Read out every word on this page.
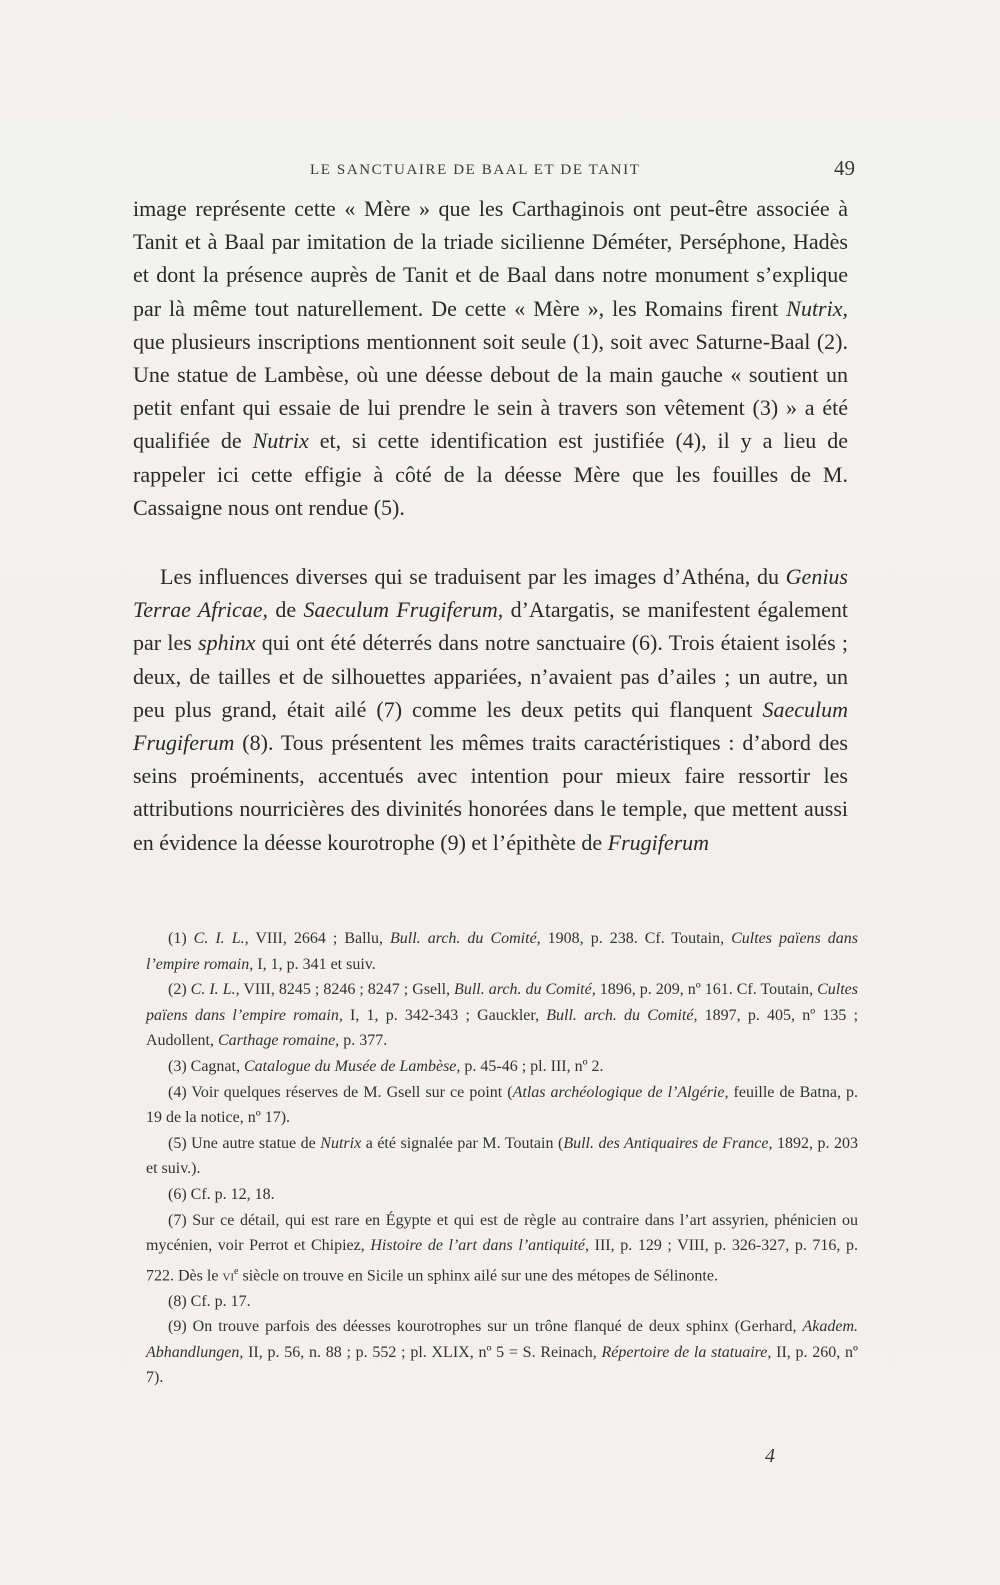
LE SANCTUAIRE DE BAAL ET DE TANIT	49

image représente cette « Mère » que les Carthaginois ont peut-être associée à Tanit et à Baal par imitation de la triade sicilienne Déméter, Perséphone, Hadès et dont la présence auprès de Tanit et de Baal dans notre monument s’explique par là même tout naturellement. De cette « Mère », les Romains firent Nutrix, que plusieurs inscriptions mentionnent soit seule (1), soit avec Saturne-Baal (2). Une statue de Lambèse, où une déesse debout de la main gauche « soutient un petit enfant qui essaie de lui prendre le sein à travers son vêtement (3) » a été qualifiée de Nutrix et, si cette identification est justifiée (4), il y a lieu de rappeler ici cette effigie à côté de la déesse Mère que les fouilles de M. Cassaigne nous ont rendue (5).

Les influences diverses qui se traduisent par les images d’Athéna, du Genius Terrae Africae, de Saeculum Frugiferum, d’Atargatis, se manifestent également par les sphinx qui ont été déterrés dans notre sanctuaire (6). Trois étaient isolés ; deux, de tailles et de silhouettes appariées, n’avaient pas d’ailes ; un autre, un peu plus grand, était ailé (7) comme les deux petits qui flanquent Saeculum Frugiferum (8). Tous présentent les mêmes traits caractéristiques : d’abord des seins proéminents, accentués avec intention pour mieux faire ressortir les attributions nourricières des divinités honorées dans le temple, que mettent aussi en évidence la déesse kourotrophe (9) et l’épithète de Frugiferum

(1) C. I. L., VIII, 2664 ; Ballu, Bull. arch. du Comité, 1908, p. 238. Cf. Toutain, Cultes païens dans l’empire romain, I, 1, p. 341 et suiv.

(2) C. I. L., VIII, 8245 ; 8246 ; 8247 ; Gsell, Bull. arch. du Comité, 1896, p. 209, nº 161. Cf. Toutain, Cultes païens dans l’empire romain, I, 1, p. 342-343 ; Gauckler, Bull. arch. du Comité, 1897, p. 405, nº 135 ; Audollent, Carthage romaine, p. 377.

(3) Cagnat, Catalogue du Musée de Lambèse, p. 45-46 ; pl. III, nº 2.

(4) Voir quelques réserves de M. Gsell sur ce point (Atlas archéologique de l’Algérie, feuille de Batna, p. 19 de la notice, nº 17).

(5) Une autre statue de Nutrix a été signalée par M. Toutain (Bull. des Antiquaires de France, 1892, p. 203 et suiv.).

(6) Cf. p. 12, 18.

(7) Sur ce détail, qui est rare en Égypte et qui est de règle au contraire dans l’art assyrien, phénicien ou mycénien, voir Perrot et Chipiez, Histoire de l’art dans l’antiquité, III, p. 129 ; VIII, p. 326-327, p. 716, p. 722. Dès le $vi^e$ siècle on trouve en Sicile un sphinx ailé sur une des métopes de Sélinonte.

(8) Cf. p. 17.

(9) On trouve parfois des déesses kourotrophes sur un trône flanqué de deux sphinx (Gerhard, Akadem. Abhandlungen, II, p. 56, n. 88 ; p. 552 ; pl. XLIX, nº 5 = S. Reinach, Répertoire de la statuaire, II, p. 260, nº 7).

4
